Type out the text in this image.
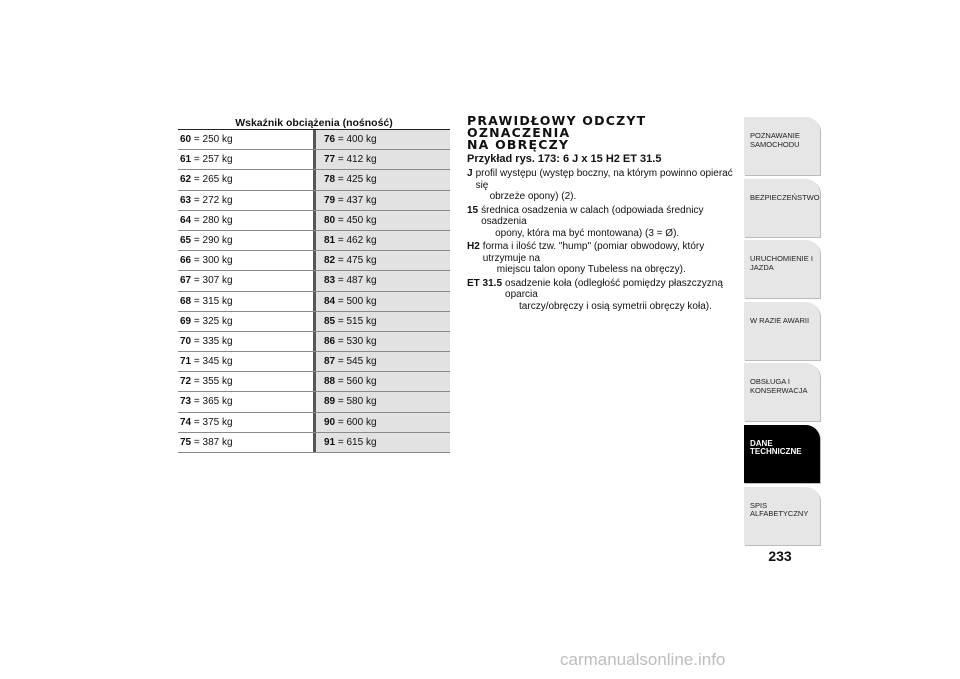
Wskaźnik obciążenia (nośność)
60 = 250 kg	76 = 400 kg
61 = 257 kg	77 = 412 kg
62 = 265 kg	78 = 425 kg
63 = 272 kg	79 = 437 kg
64 = 280 kg	80 = 450 kg
65 = 290 kg	81 = 462 kg
66 = 300 kg	82 = 475 kg
67 = 307 kg	83 = 487 kg
68 = 315 kg	84 = 500 kg
69 = 325 kg	85 = 515 kg
70 = 335 kg	86 = 530 kg
71 = 345 kg	87 = 545 kg
72 = 355 kg	88 = 560 kg
73 = 365 kg	89 = 580 kg
74 = 375 kg	90 = 600 kg
75 = 387 kg	91 = 615 kg
PRAWIDŁOWY ODCZYT OZNACZENIA
NA OBRĘCZY
Przykład rys. 173: 6 J x 15 H2 ET 31.5
J profil występu (występ boczny, na którym powinno opierać się
obrzeże opony) (2).
15 średnica osadzenia w calach (odpowiada średnicy osadzenia
opony, która ma być montowana) (3 = Ø).
H2 forma i ilość tzw. "hump" (pomiar obwodowy, który utrzymuje na
miejscu talon opony Tubeless na obręczy).
ET 31.5 osadzenie koła (odległość pomiędzy płaszczyzną oparcia
tarczy/obręczy i osią symetrii obręczy koła).
POZNAWANIE
SAMOCHODU
BEZPIECZEŃSTWO
URUCHOMIENIE I
JAZDA
W RAZIE AWARII
OBSŁUGA I
KONSERWACJA
DANE
TECHNICZNE
SPIS ALFABETYCZNY
233
carmanualsonline.info
